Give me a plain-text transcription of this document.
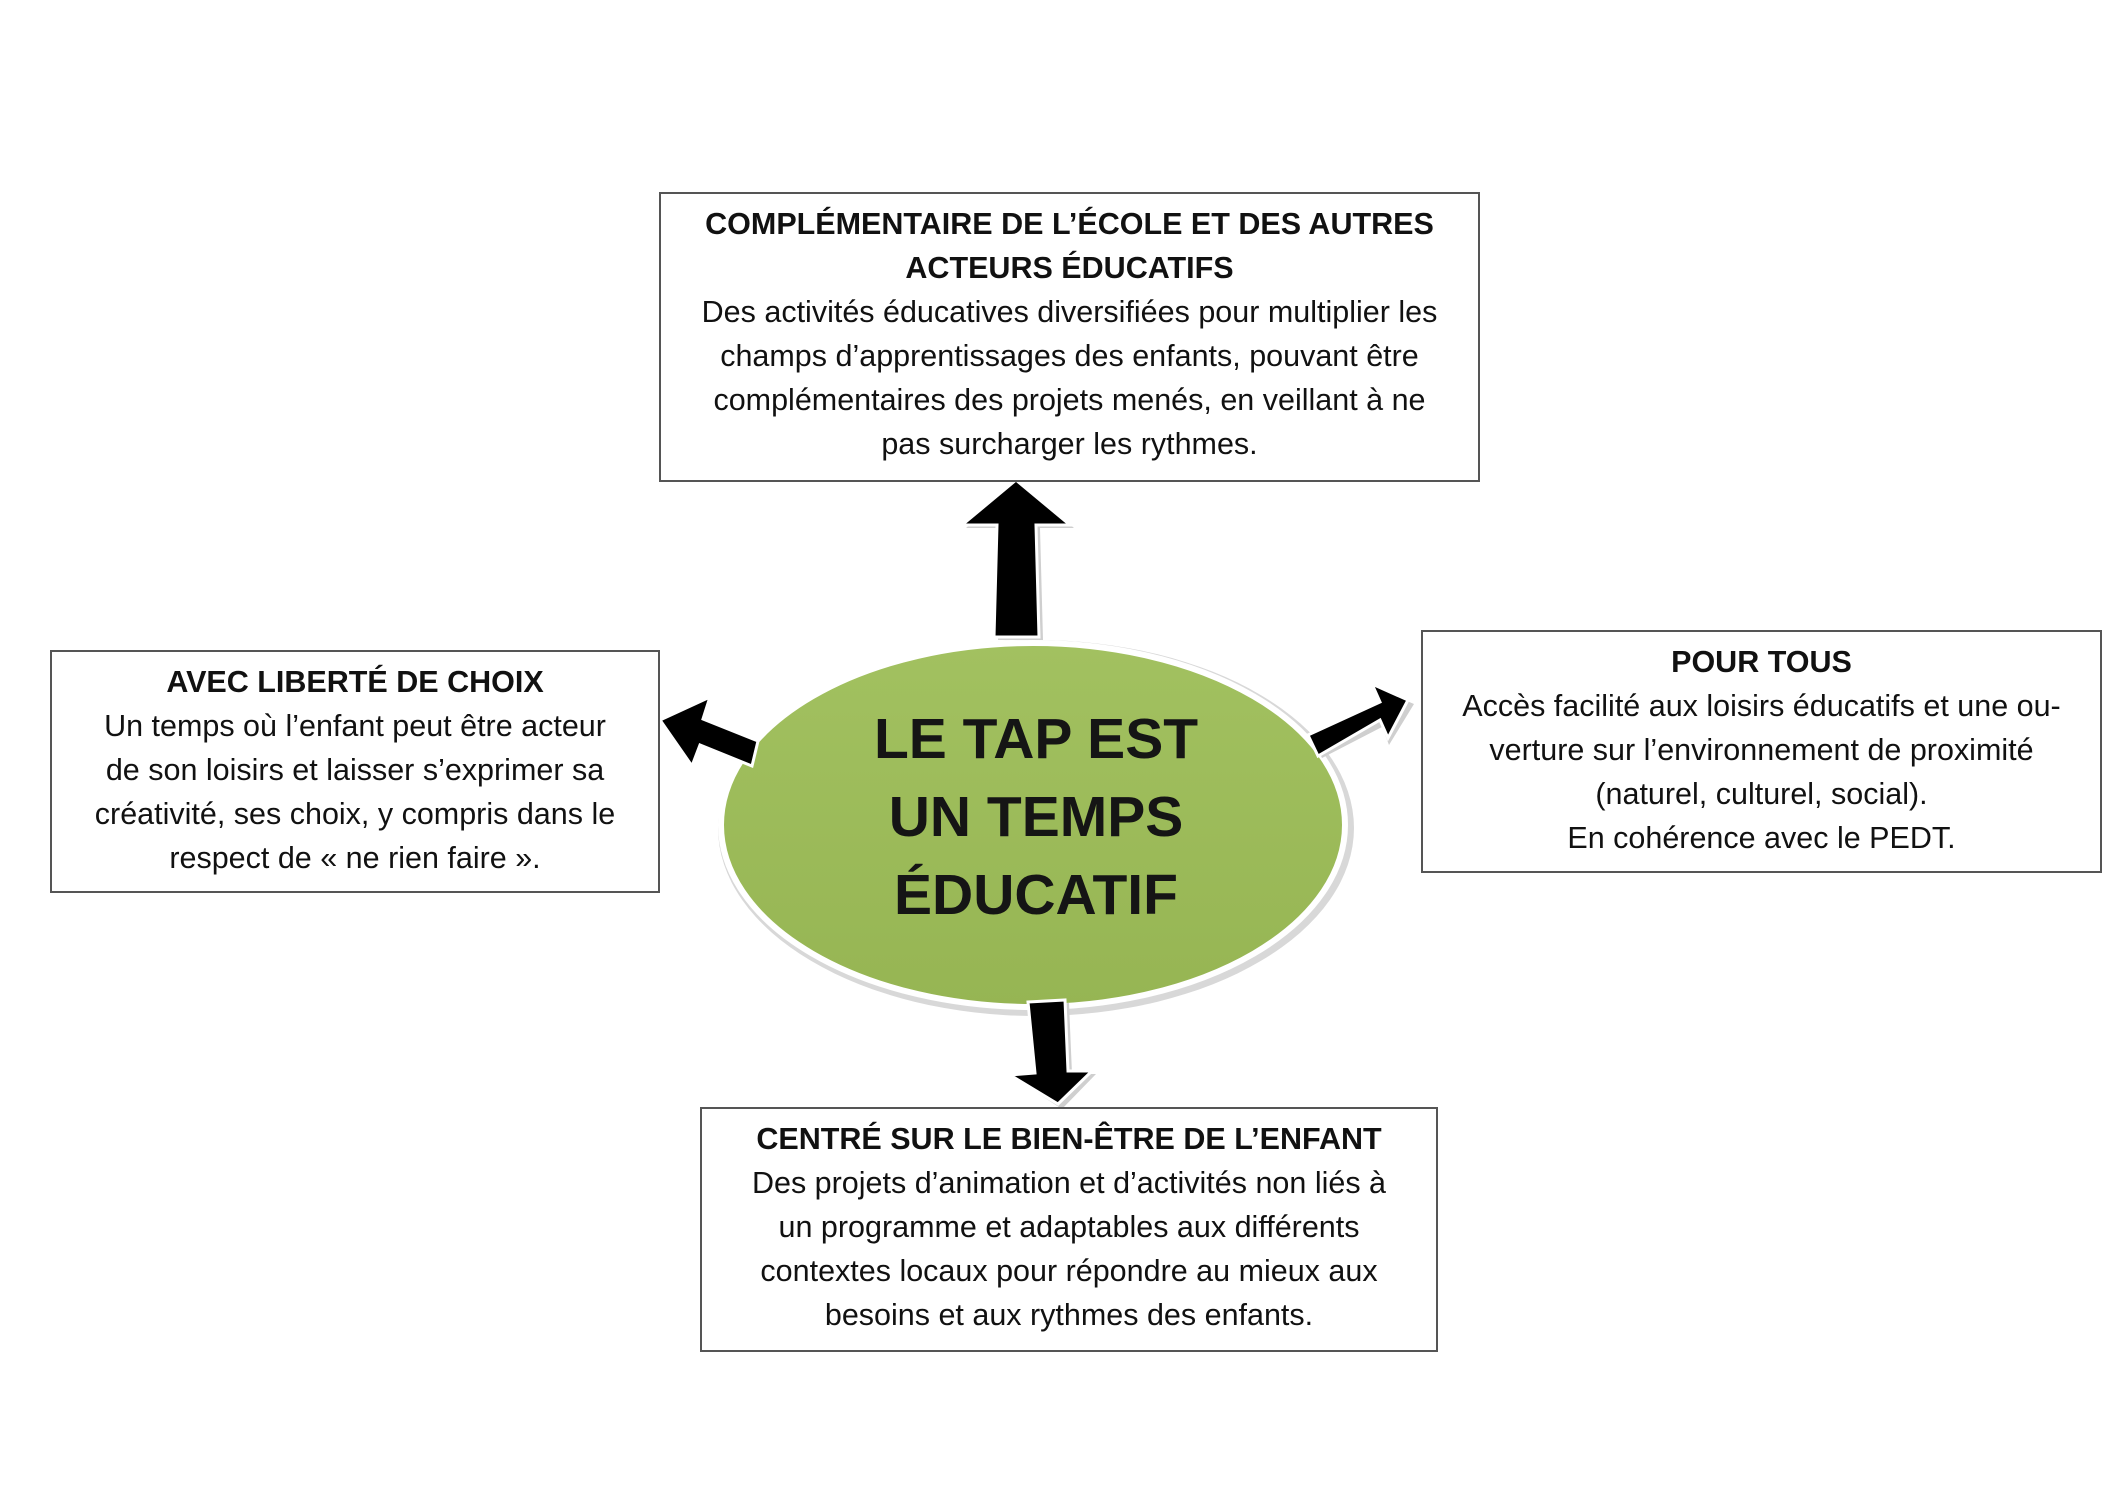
LE TAP EST
UN TEMPS
ÉDUCATIF
COMPLÉMENTAIRE DE L’ÉCOLE ET DES AUTRES
ACTEURS ÉDUCATIFS
Des activités éducatives diversifiées pour multiplier les
champs d’apprentissages des enfants, pouvant être
complémentaires des projets menés, en veillant à ne
pas surcharger les rythmes.
AVEC LIBERTÉ DE CHOIX
Un temps où l’enfant peut être acteur
de son loisirs et laisser s’exprimer sa
créativité, ses choix, y compris dans le
respect de « ne rien faire ».
POUR TOUS
Accès facilité aux loisirs éducatifs et une ou-
verture sur l’environnement de proximité
(naturel, culturel, social).
En cohérence avec le PEDT.
CENTRÉ SUR LE BIEN-ÊTRE DE L’ENFANT
Des projets d’animation et d’activités non liés à
un programme et adaptables aux différents
contextes locaux pour répondre au mieux aux
besoins et aux rythmes des enfants.
